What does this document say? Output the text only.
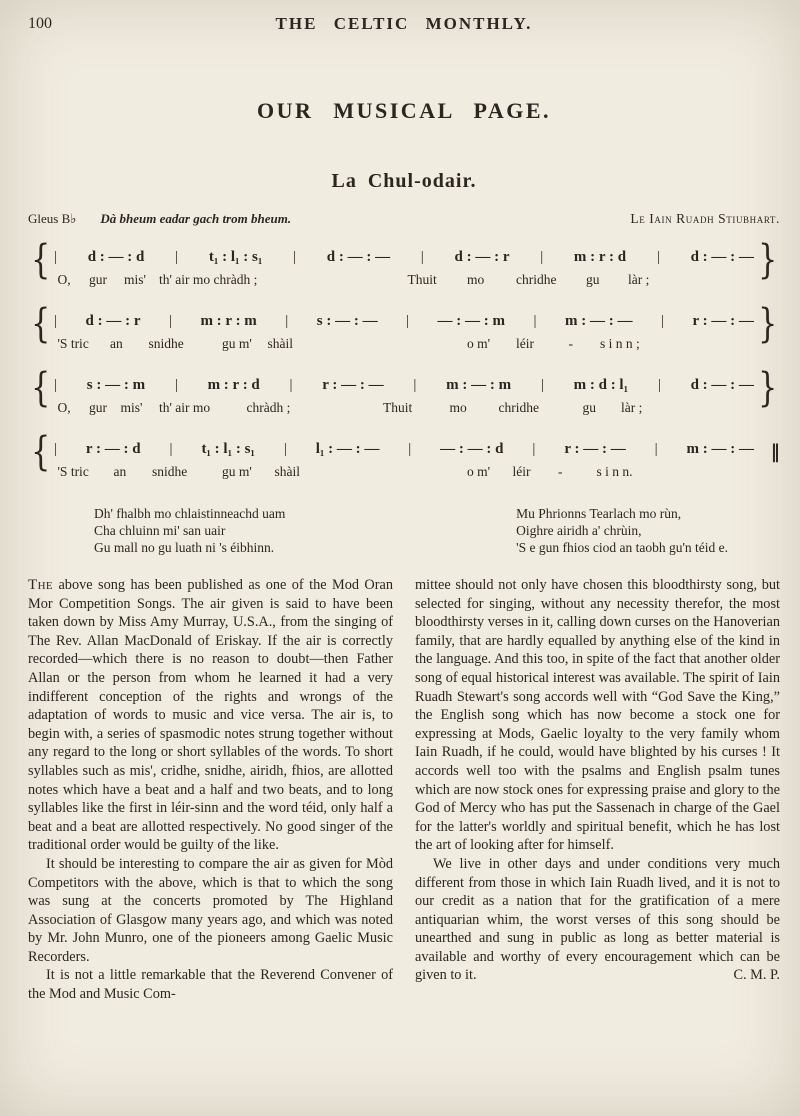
100	THE CELTIC MONTHLY.
OUR MUSICAL PAGE.
La Chul-odair.
Gleus B♭ Dà bheum eadar gach trom bheum.	Le Iain Ruadh Stiubhart.
{ | d : — : d | t₁ : l₁ : s₁ | d : — : — | d : — : r | m : r : d | d : — : —
O, gur mis' th' air mo chràdh ;	Thuit mo chridhe gu làr ;	}
{ | d : — : r | m : r : m | s : — : — | — : — : m | m : — : — | r : — : —
'S tric an snidhe	gu m' shàil	o m' léir	- s i n n ;	}
{ | s : — : m | m : r : d | r : — : — | m : — : m | m : d : l₁ | d : — : —
O, gur mis' th' air mo	chràdh ;	Thuit	mo chridhe	gu làr ;	}
{ | r : — : d | t₁ : l₁ : s₁ | l₁ : — : — | — : — : d | r : — : — | m : — : —
'S tric an snidhe	gu m' shàil	o m' léir -	s i n n.
‖
Dh' fhalbh mo chlaistinneachd uam
Cha chluinn mi' san uair
Gu mall no gu luath ni 's éibhinn.
Mu Phrionns Tearlach mo rùn,
Oighre airidh a' chrùin,
'S e gun fhios ciod an taobh gu'n téid e.

The above song has been published as one of the Mod Oran Mor Competition Songs. The air given is said to have been taken down by Miss Amy Murray, U.S.A., from the singing of The Rev. Allan MacDonald of Eriskay. If the air is correctly recorded—which there is no reason to doubt—then Father Allan or the person from whom he learned it had a very indifferent conception of the rights and wrongs of the adaptation of words to music and vice versa. The air is, to begin with, a series of spasmodic notes strung together without any regard to the long or short syllables of the words. To short syllables such as mis', cridhe, snidhe, airidh, fhios, are allotted notes which have a beat and a half and two beats, and to long syllables like the first in léir-sinn and the word téid, only half a beat and a beat are allotted respectively. No good singer of the traditional order would be guilty of the like.

It should be interesting to compare the air as given for Mòd Competitors with the above, which is that to which the song was sung at the concerts promoted by The Highland Association of Glasgow many years ago, and which was noted by Mr. John Munro, one of the pioneers among Gaelic Music Recorders.

It is not a little remarkable that the Reverend Convener of the Mod and Music Com-

mittee should not only have chosen this bloodthirsty song, but selected for singing, without any necessity therefor, the most bloodthirsty verses in it, calling down curses on the Hanoverian family, that are hardly equalled by anything else of the kind in the language. And this too, in spite of the fact that another older song of equal historical interest was available. The spirit of Iain Ruadh Stewart's song accords well with “God Save the King,” the English song which has now become a stock one for expressing at Mods, Gaelic loyalty to the very family whom Iain Ruadh, if he could, would have blighted by his curses ! It accords well too with the psalms and English psalm tunes which are now stock ones for expressing praise and glory to the God of Mercy who has put the Sassenach in charge of the Gael for the latter's worldly and spiritual benefit, which he has lost the art of looking after for himself.

We live in other days and under conditions very much different from those in which Iain Ruadh lived, and it is not to our credit as a nation that for the gratification of a mere antiquarian whim, the worst verses of this song should be unearthed and sung in public as long as better material is available and worthy of every encouragement which can be given to it.	C. M. P.
